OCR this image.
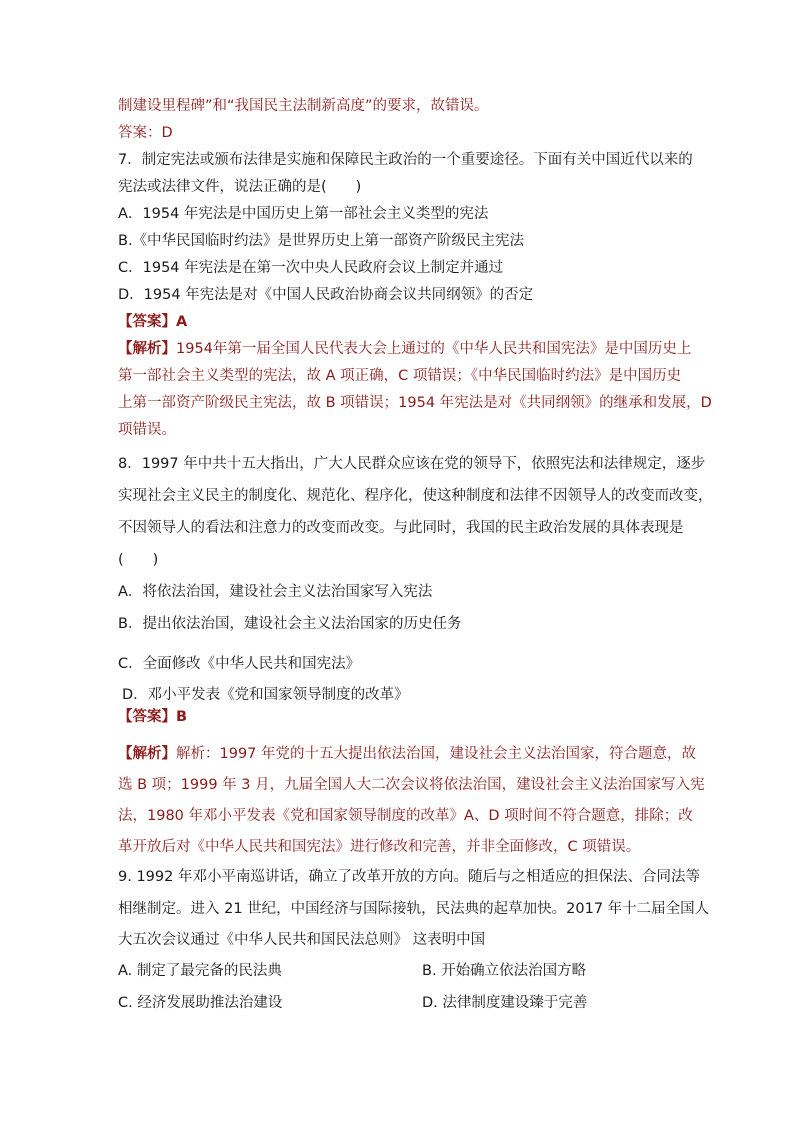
制建设里程碑”和“我国民主法制新高度”的要求，故错误。
答案：D
7．制定宪法或颁布法律是实施和保障民主政治的一个重要途径。下面有关中国近代以来的
宪法或法律文件，说法正确的是(　　)
A．1954 年宪法是中国历史上第一部社会主义类型的宪法
B.《中华民国临时约法》是世界历史上第一部资产阶级民主宪法
C．1954 年宪法是在第一次中央人民政府会议上制定并通过
D．1954 年宪法是对《中国人民政治协商会议共同纲领》的否定
【答案】A
【解析】1954年第一届全国人民代表大会上通过的《中华人民共和国宪法》是中国历史上
第一部社会主义类型的宪法，故 A 项正确，C 项错误；《中华民国临时约法》是中国历史
上第一部资产阶级民主宪法，故 B 项错误；1954 年宪法是对《共同纲领》的继承和发展，D
项错误。
8．1997 年中共十五大指出，广大人民群众应该在党的领导下，依照宪法和法律规定，逐步
实现社会主义民主的制度化、规范化、程序化，使这种制度和法律不因领导人的改变而改变，
不因领导人的看法和注意力的改变而改变。与此同时，我国的民主政治发展的具体表现是
(　　)
A．将依法治国，建设社会主义法治国家写入宪法
B．提出依法治国，建设社会主义法治国家的历史任务
C．全面修改《中华人民共和国宪法》
D．邓小平发表《党和国家领导制度的改革》
【答案】B
【解析】解析：1997 年党的十五大提出依法治国，建设社会主义法治国家，符合题意，故
选 B 项；1999 年 3 月，九届全国人大二次会议将依法治国，建设社会主义法治国家写入宪
法，1980 年邓小平发表《党和国家领导制度的改革》A、D 项时间不符合题意，排除；改
革开放后对《中华人民共和国宪法》进行修改和完善，并非全面修改，C 项错误。
9. 1992 年邓小平南巡讲话，确立了改革开放的方向。随后与之相适应的担保法、合同法等
相继制定。进入 21 世纪，中国经济与国际接轨，民法典的起草加快。2017 年十二届全国人
大五次会议通过《中华人民共和国民法总则》 这表明中国
A. 制定了最完备的民法典	B. 开始确立依法治国方略
C. 经济发展助推法治建设	D. 法律制度建设臻于完善
